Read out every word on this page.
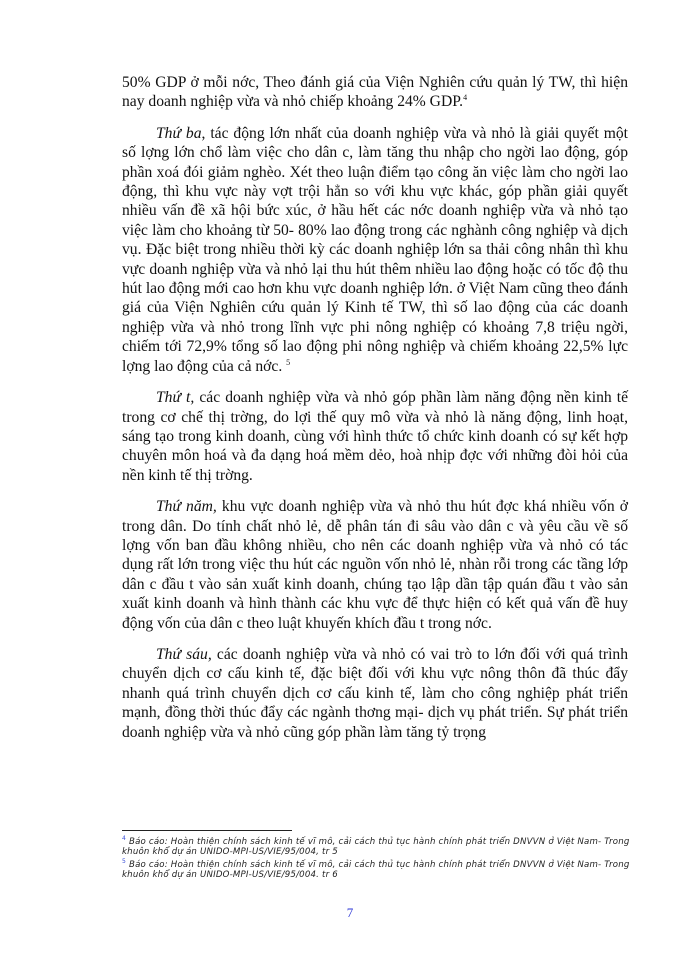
50% GDP ở mỗi nớc, Theo đánh giá của Viện Nghiên cứu quản lý TW, thì hiện nay doanh nghiệp vừa và nhỏ chiếp khoảng 24% GDP.$^4$

Thứ ba, tác động lớn nhất của doanh nghiệp vừa và nhỏ là giải quyết một số lợng lớn chổ làm việc cho dân c, làm tăng thu nhập cho ngời lao động, góp phần xoá đói giảm nghèo. Xét theo luận điểm tạo công ăn việc làm cho ngời lao động, thì khu vực này vợt trội hẳn so với khu vực khác, góp phần giải quyết nhiều vấn đề xã hội bức xúc, ở hầu hết các nớc doanh nghiệp vừa và nhỏ tạo việc làm cho khoảng từ 50- 80% lao động trong các nghành công nghiệp và dịch vụ. Đặc biệt trong nhiều thời kỳ các doanh nghiệp lớn sa thải công nhân thì khu vực doanh nghiệp vừa và nhỏ lại thu hút thêm nhiều lao động hoặc có tốc độ thu hút lao động mới cao hơn khu vực doanh nghiệp lớn. ở Việt Nam cũng theo đánh giá của Viện Nghiên cứu quản lý Kinh tế TW, thì số lao động của các doanh nghiệp vừa và nhỏ trong lĩnh vực phi nông nghiệp có khoảng 7,8 triệu ngời, chiếm tới 72,9% tổng số lao động phi nông nghiệp và chiếm khoảng 22,5% lực lợng lao động của cả nớc. $^5$

Thứ t, các doanh nghiệp vừa và nhỏ góp phần làm năng động nền kinh tế trong cơ chế thị trờng, do lợi thế quy mô vừa và nhỏ là năng động, linh hoạt, sáng tạo trong kinh doanh, cùng với hình thức tổ chức kinh doanh có sự kết hợp chuyên môn hoá và đa dạng hoá mềm dẻo, hoà nhịp đợc với những đòi hỏi của nền kinh tế thị trờng.

Thứ năm, khu vực doanh nghiệp vừa và nhỏ thu hút đợc khá nhiều vốn ở trong dân. Do tính chất nhỏ lẻ, dễ phân tán đi sâu vào dân c và yêu cầu về số lợng vốn ban đầu không nhiều, cho nên các doanh nghiệp vừa và nhỏ có tác dụng rất lớn trong việc thu hút các nguồn vốn nhỏ lẻ, nhàn rỗi trong các tầng lớp dân c đầu t vào sản xuất kinh doanh, chúng tạo lập dần tập quán đầu t vào sản xuất kinh doanh và hình thành các khu vực để thực hiện có kết quả vấn đề huy động vốn của dân c theo luật khuyến khích đầu t trong nớc.

Thứ sáu, các doanh nghiệp vừa và nhỏ có vai trò to lớn đối với quá trình chuyển dịch cơ cấu kinh tế, đặc biệt đối với khu vực nông thôn đã thúc đẩy nhanh quá trình chuyển dịch cơ cấu kinh tế, làm cho công nghiệp phát triển mạnh, đồng thời thúc đẩy các ngành thơng mại- dịch vụ phát triển. Sự phát triển doanh nghiệp vừa và nhỏ cũng góp phần làm tăng tỷ trọng

$^4$ Báo cáo: Hoàn thiện chính sách kinh tế vĩ mô, cải cách thủ tục hành chính phát triển DNVVN ở Việt Nam- Trong khuôn khổ dự án UNIDO-MPI-US/VIE/95/004, tr 5

$^5$ Báo cáo: Hoàn thiện chính sách kinh tế vĩ mô, cải cách thủ tục hành chính phát triển DNVVN ở Việt Nam- Trong khuôn khổ dự án UNIDO-MPI-US/VIE/95/004. tr 6

7
